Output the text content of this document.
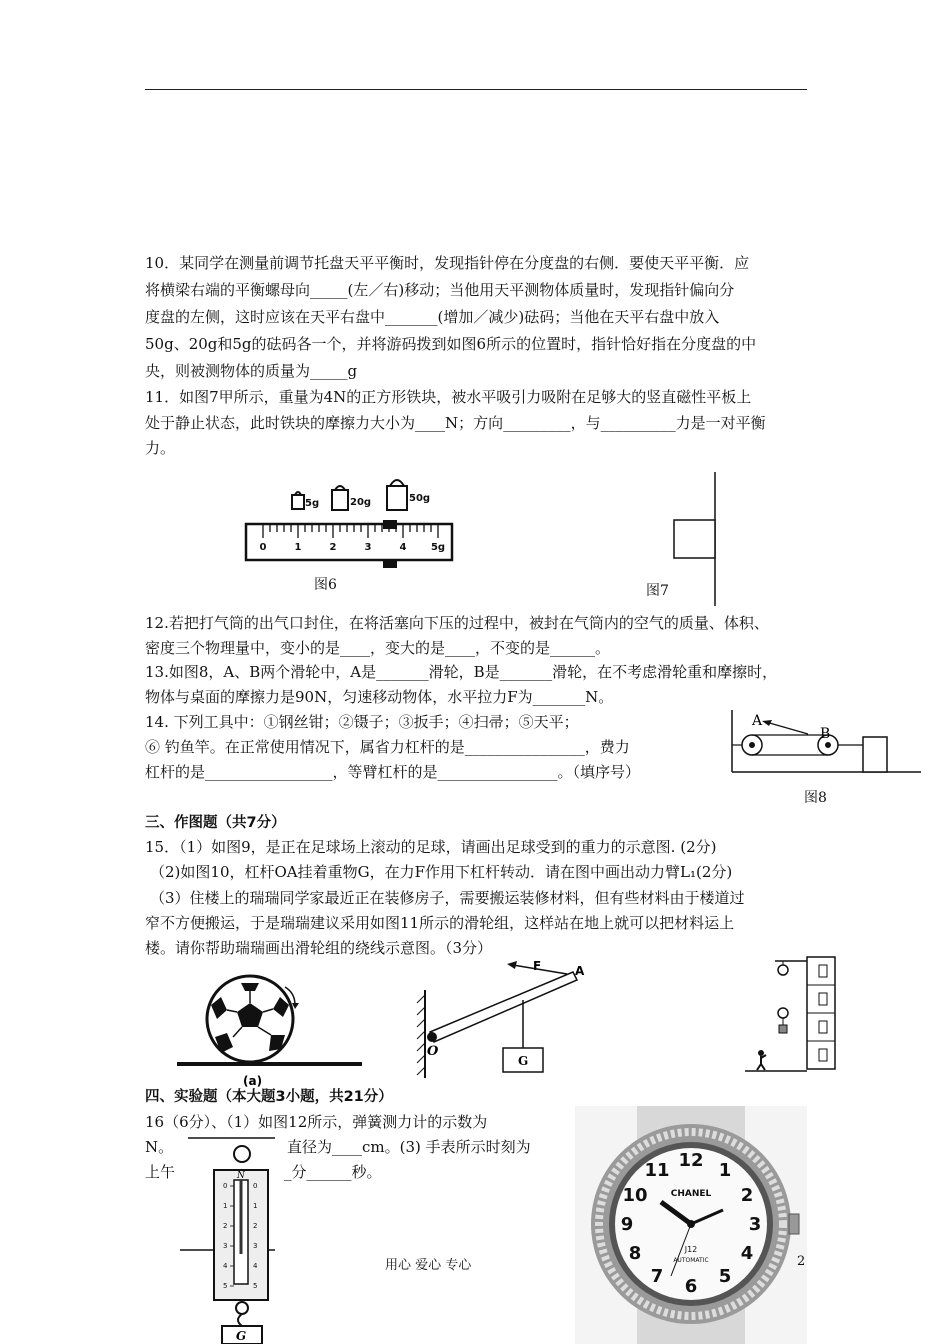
10．某同学在测量前调节托盘天平平衡时，发现指针停在分度盘的右侧．要使天平平衡．应
将横梁右端的平衡螺母向_____(左／右)移动；当他用天平测物体质量时，发现指针偏向分
度盘的左侧，这时应该在天平右盘中_______(增加／减少)砝码；当他在天平右盘中放入
50g、20g和5g的砝码各一个，并将游码拨到如图6所示的位置时，指针恰好指在分度盘的中
央，则被测物体的质量为_____g
11．如图7甲所示，重量为4N的正方形铁块，被水平吸引力吸附在足够大的竖直磁性平板上
处于静止状态，此时铁块的摩擦力大小为____N；方向_________，与__________力是一对平衡
力。
5g	20g	50g
0	1	2	3	4 5g
图6	图7
12.若把打气筒的出气口封住，在将活塞向下压的过程中，被封在气筒内的空气的质量、体积、
密度三个物理量中，变小的是____，变大的是____，不变的是______。
13.如图8，A、B两个滑轮中，A是_______滑轮，B是_______滑轮，在不考虑滑轮重和摩擦时，
物体与桌面的摩擦力是90N，匀速移动物体，水平拉力F为_______N。
14. 下列工具中：①钢丝钳；②镊子；③扳手；④扫帚；⑤天平；
⑥ 钓鱼竿。在正常使用情况下，属省力杠杆的是________________，费力
杠杆的是_________________，等臂杠杆的是________________。（填序号）
A
B
图8
三、作图题（共7分）
15．（1）如图9，是正在足球场上滚动的足球，请画出足球受到的重力的示意图. (2分)
（2)如图10，杠杆OA挂着重物G，在力F作用下杠杆转动．请在图中画出动力臂L₁(2分)
（3）住楼上的瑞瑞同学家最近正在装修房子，需要搬运装修材料，但有些材料由于楼道过
窄不方便搬运，于是瑞瑞建议采用如图11所示的滑轮组，这样站在地上就可以把材料运上
楼。请你帮助瑞瑞画出滑轮组的绕线示意图。（3分）
(a)
F	A
O
G
四、实验题（本大题3小题，共21分）
16（6分）、（1）如图12所示，弹簧测力计的示数为
N。	直径为____cm。(3) 手表所示时刻为
上午	_分______秒。
0	0
1	1
2	2
3	3
4	4
5	5
N
G
12 1
2
3
4
5
6
7
8
9
10
11
CHANEL
J12
AUTOMATIC
用心 爱心 专心	2
